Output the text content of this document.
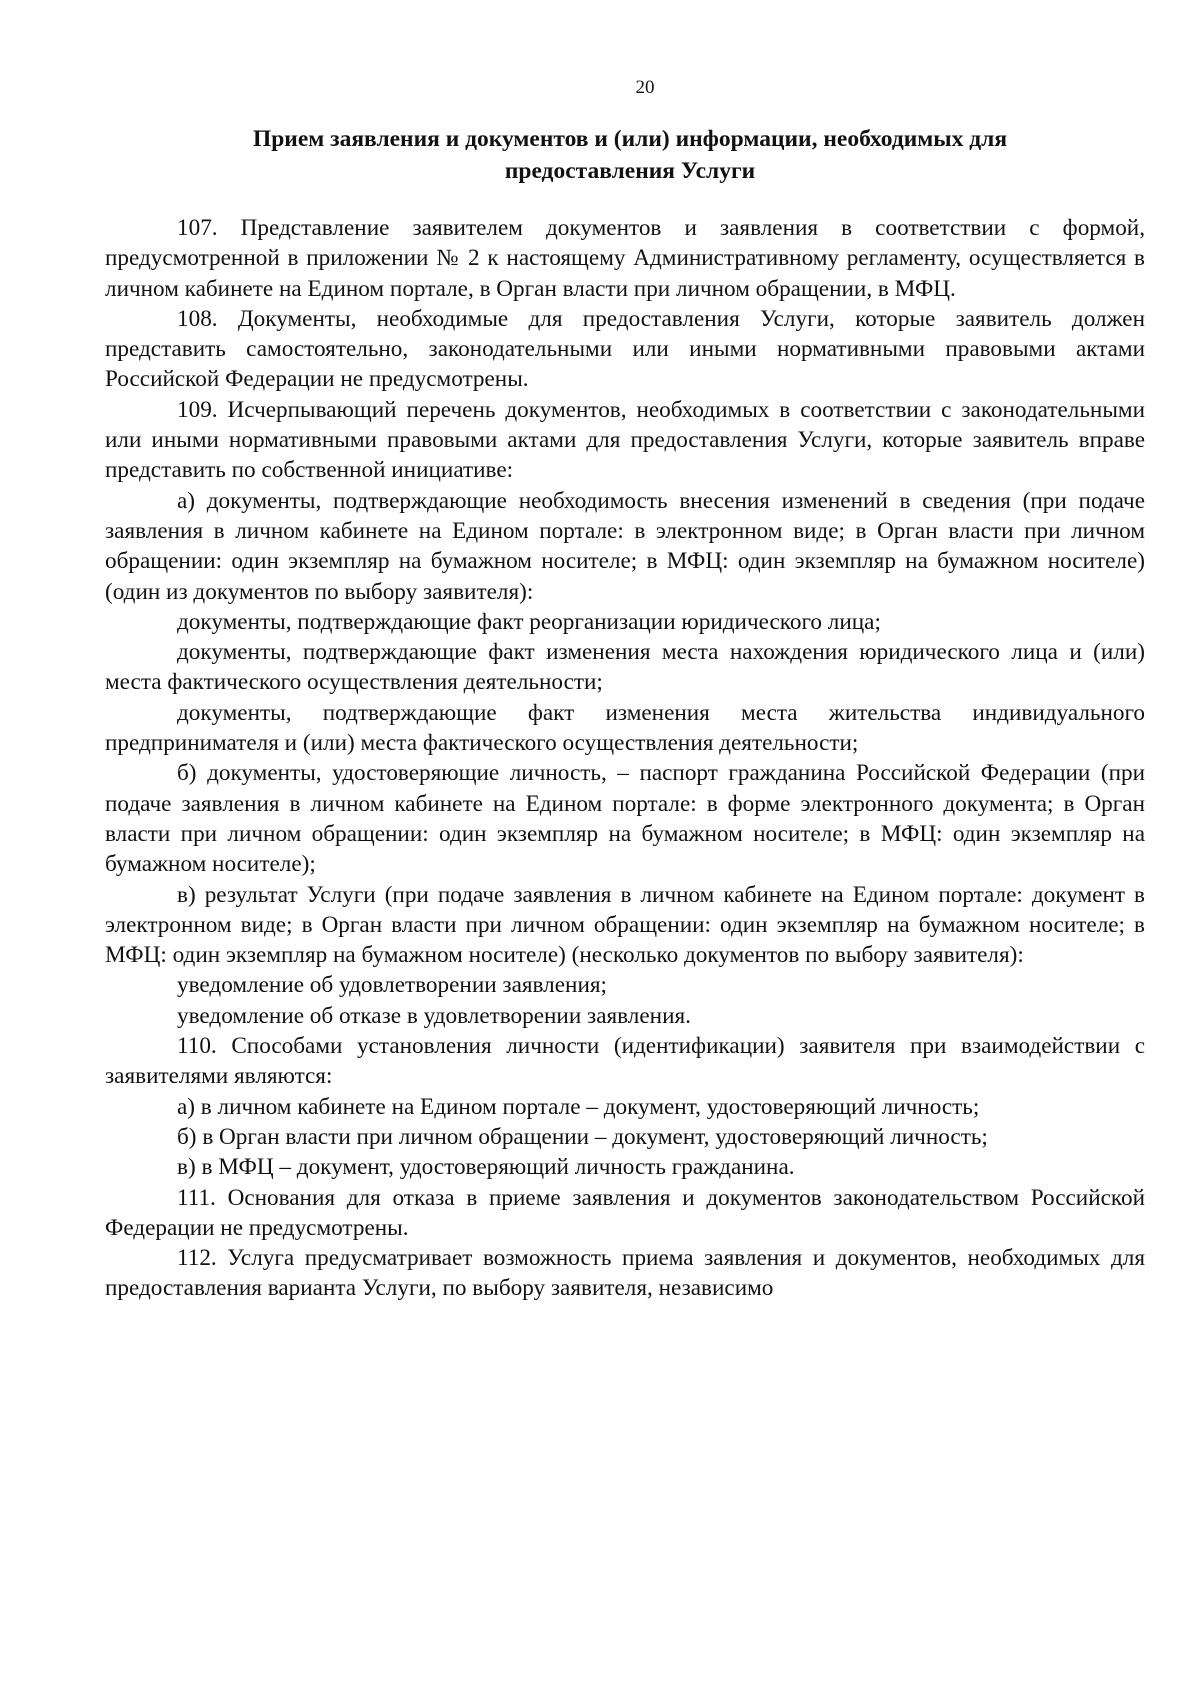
20
Прием заявления и документов и (или) информации, необходимых для
предоставления Услуги

107. Представление заявителем документов и заявления в соответствии с формой, предусмотренной в приложении № 2 к настоящему Административному регламенту, осуществляется в личном кабинете на Едином портале, в Орган власти при личном обращении, в МФЦ.

108. Документы, необходимые для предоставления Услуги, которые заявитель должен представить самостоятельно, законодательными или иными нормативными правовыми актами Российской Федерации не предусмотрены.

109. Исчерпывающий перечень документов, необходимых в соответствии с законодательными или иными нормативными правовыми актами для предоставления Услуги, которые заявитель вправе представить по собственной инициативе:

а) документы, подтверждающие необходимость внесения изменений в сведения (при подаче заявления в личном кабинете на Едином портале: в электронном виде; в Орган власти при личном обращении: один экземпляр на бумажном носителе; в МФЦ: один экземпляр на бумажном носителе) (один из документов по выбору заявителя):

документы, подтверждающие факт реорганизации юридического лица;

документы, подтверждающие факт изменения места нахождения юридического лица и (или) места фактического осуществления деятельности;

документы, подтверждающие факт изменения места жительства индивидуального предпринимателя и (или) места фактического осуществления деятельности;

б) документы, удостоверяющие личность, – паспорт гражданина Российской Федерации (при подаче заявления в личном кабинете на Едином портале: в форме электронного документа; в Орган власти при личном обращении: один экземпляр на бумажном носителе; в МФЦ: один экземпляр на бумажном носителе);

в) результат Услуги (при подаче заявления в личном кабинете на Едином портале: документ в электронном виде; в Орган власти при личном обращении: один экземпляр на бумажном носителе; в МФЦ: один экземпляр на бумажном носителе) (несколько документов по выбору заявителя):

уведомление об удовлетворении заявления;

уведомление об отказе в удовлетворении заявления.

110. Способами установления личности (идентификации) заявителя при взаимодействии с заявителями являются:

а) в личном кабинете на Едином портале – документ, удостоверяющий личность;

б) в Орган власти при личном обращении – документ, удостоверяющий личность;

в) в МФЦ – документ, удостоверяющий личность гражданина.

111. Основания для отказа в приеме заявления и документов законодательством Российской Федерации не предусмотрены.

112. Услуга предусматривает возможность приема заявления и документов, необходимых для предоставления варианта Услуги, по выбору заявителя, независимо
